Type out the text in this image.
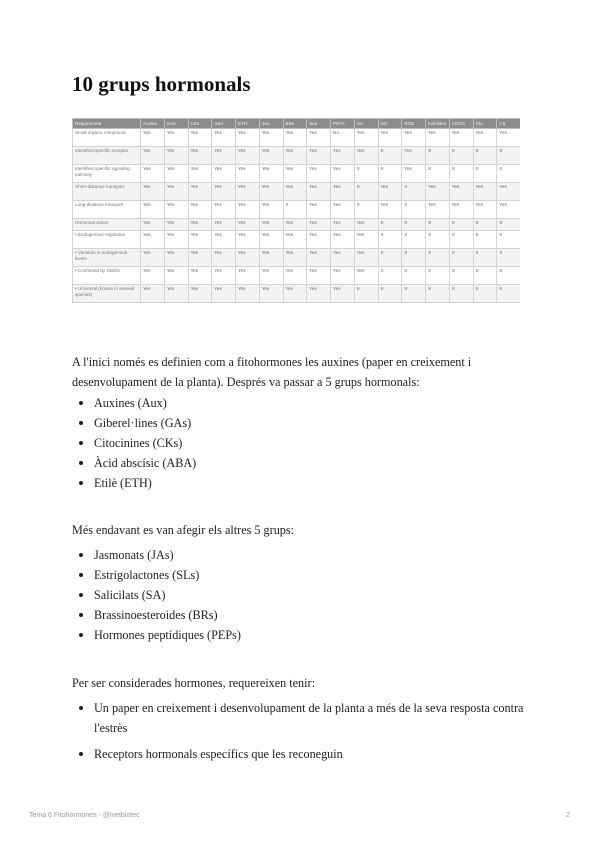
10 grups hormonals
Requirement	Auxins	GAs	CKs	ABA	ETH	JAs	BRs	SLs	PEPs	SA	NO	ROS	Karrikins	C6/C9	Glu	C5
Small organic compound	Yes	Yes	Yes	Yes	Yes	Yes	Yes	Yes	No	Yes	Yes	Yes	Yes	Yes	Yes	Yes
Identified specific receptor	Yes	Yes	Yes	Yes	Yes	Yes	Yes	Yes	Yes	Yes	X	Yes	X	X	X	X
Identified specific signaling pathway	Yes	Yes	Yes	Yes	Yes	Yes	Yes	Yes	Yes	X	X	Yes	X	X	X	X
Short-distance transport	Yes	Yes	Yes	Yes	Yes	Yes	Yes	Yes	Yes	X	Yes	X	Yes	Yes	Yes	Yes
Long-distance transport	Yes	Yes	Yes	Yes	Yes	Yes	X	Yes	Yes	X	Yes	X	Yes	Yes	Yes	Yes
Hormonal action	Yes	Yes	Yes	Yes	Yes	Yes	Yes	Yes	Yes	Yes	X	X	X	X	X	X
• Endogenous regulation	Yes	Yes	Yes	Yes	Yes	Yes	Yes	Yes	Yes	Yes	X	X	X	X	X	X
• Variation in endogenous levels	Yes	Yes	Yes	Yes	Yes	Yes	Yes	Yes	Yes	Yes	X	X	X	X	X	X
• Confirmed by GMOs	Yes	Yes	Yes	Yes	Yes	Yes	Yes	Yes	Yes	Yes	X	X	X	X	X	X
• Universal (known in several species)	Yes	Yes	Yes	Yes	Yes	Yes	Yes	Yes	Yes	X	X	X	X	X	X	X
A l'inici només es definien com a fitohormones les auxines (paper en creixement i desenvolupament de la planta). Després va passar a 5 grups hormonals:
Auxines (Aux)
Giberel·lines (GAs)
Citocinines (CKs)
Àcid abscísic (ABA)
Etilè (ETH)
Més endavant es van afegir els altres 5 grups:
Jasmonats (JAs)
Estrigolactones (SLs)
Salicilats (SA)
Brassinoesteroides (BRs)
Hormones peptídiques (PEPs)
Per ser considerades hormones, requereixen tenir:
Un paper en creixement i desenvolupament de la planta a més de la seva resposta contra l'estrès
Receptors hormonals específics que les reconeguin
Tema 6 Fitohormones - @ivetbiotec	2
